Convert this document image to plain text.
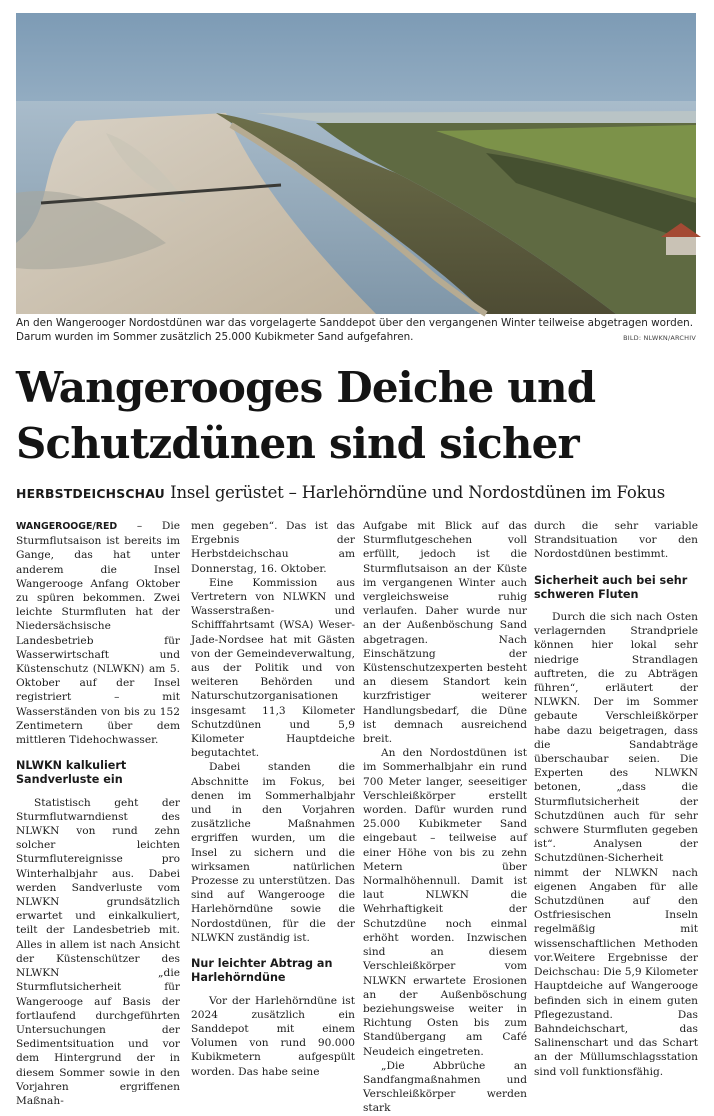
An den Wangerooger Nordostdünen war das vorgelagerte Sanddepot über den vergangenen Winter teilweise abgetragen worden. Darum wurden im Sommer zusätzlich 25.000 Kubikmeter Sand aufgefahren.	BILD: NLWKN/ARCHIV
Wangerooges Deiche und Schutzdünen sind sicher
HERBSTDEICHSCHAU Insel gerüstet – Harlehörndüne und Nordostdünen im Fokus

WANGEROOGE/RED – Die Sturmflutsaison ist bereits im Gange, das hat unter anderem die Insel Wangerooge Anfang Oktober zu spüren bekommen. Zwei leichte Sturmfluten hat der Niedersächsische Landesbetrieb für Wasserwirtschaft und Küstenschutz (NLWKN) am 5. Oktober auf der Insel registriert – mit Wasserständen von bis zu 152 Zentimetern über dem mittleren Tidehochwasser.

NLWKN kalkuliert Sandverluste ein

Statistisch geht der Sturmflutwarndienst des NLWKN von rund zehn solcher leichten Sturmflutereignisse pro Winterhalbjahr aus. Dabei werden Sandverluste vom NLWKN grundsätzlich erwartet und einkalkuliert, teilt der Landesbetrieb mit. Alles in allem ist nach Ansicht der Küstenschützer des NLWKN „die Sturmflutsicherheit für Wangerooge auf Basis der fortlaufend durchgeführten Untersuchungen der Sedimentsituation und vor dem Hintergrund der in diesem Sommer sowie in den Vorjahren ergriffenen Maßnah-

men gegeben“. Das ist das Ergebnis der Herbstdeichschau am Donnerstag, 16. Oktober.

Eine Kommission aus Vertretern von NLWKN und Wasserstraßen- und Schifffahrtsamt (WSA) Weser-Jade-Nordsee hat mit Gästen von der Gemeindeverwaltung, aus der Politik und von weiteren Behörden und Naturschutzorganisationen insgesamt 11,3 Kilometer Schutzdünen und 5,9 Kilometer Hauptdeiche begutachtet.

Dabei standen die Abschnitte im Fokus, bei denen im Sommerhalbjahr und in den Vorjahren zusätzliche Maßnahmen ergriffen wurden, um die Insel zu sichern und die wirksamen natürlichen Prozesse zu unterstützen. Das sind auf Wangerooge die Harlehörndüne sowie die Nordostdünen, für die der NLWKN zuständig ist.

Nur leichter Abtrag an Harlehörndüne

Vor der Harlehörndüne ist 2024 zusätzlich ein Sanddepot mit einem Volumen von rund 90.000 Kubikmetern aufgespült worden. Das habe seine

Aufgabe mit Blick auf das Sturmflutgeschehen voll erfüllt, jedoch ist die Sturmflutsaison an der Küste im vergangenen Winter auch vergleichsweise ruhig verlaufen. Daher wurde nur an der Außenböschung Sand abgetragen. Nach Einschätzung der Küstenschutzexperten besteht an diesem Standort kein kurzfristiger weiterer Handlungsbedarf, die Düne ist demnach ausreichend breit.

An den Nordostdünen ist im Sommerhalbjahr ein rund 700 Meter langer, seeseitiger Verschleißkörper erstellt worden. Dafür wurden rund 25.000 Kubikmeter Sand eingebaut – teilweise auf einer Höhe von bis zu zehn Metern über Normalhöhennull. Damit ist laut NLWKN die Wehrhaftigkeit der Schutzdüne noch einmal erhöht worden. Inzwischen sind an diesem Verschleißkörper vom NLWKN erwartete Erosionen an der Außenböschung beziehungsweise weiter in Richtung Osten bis zum Standübergang am Café Neudeich eingetreten.

„Die Abbrüche an Sandfangmaßnahmen und Verschleißkörper werden stark

durch die sehr variable Strandsituation vor den Nordostdünen bestimmt.

Sicherheit auch bei sehr schweren Fluten

Durch die sich nach Osten verlagernden Strandpriele können hier lokal sehr niedrige Strandlagen auftreten, die zu Abträgen führen“, erläutert der NLWKN. Der im Sommer gebaute Verschleißkörper habe dazu beigetragen, dass die Sandabträge überschaubar seien. Die Experten des NLWKN betonen, „dass die Sturmflutsicherheit der Schutzdünen auch für sehr schwere Sturmfluten gegeben ist“. Analysen der Schutzdünen-Sicherheit nimmt der NLWKN nach eigenen Angaben für alle Schutzdünen auf den Ostfriesischen Inseln regelmäßig mit wissenschaftlichen Methoden vor.Weitere Ergebnisse der Deichschau: Die 5,9 Kilometer Hauptdeiche auf Wangerooge befinden sich in einem guten Pflegezustand. Das Bahndeichschart, das Salinenschart und das Schart an der Müllumschlagsstation sind voll funktionsfähig.
